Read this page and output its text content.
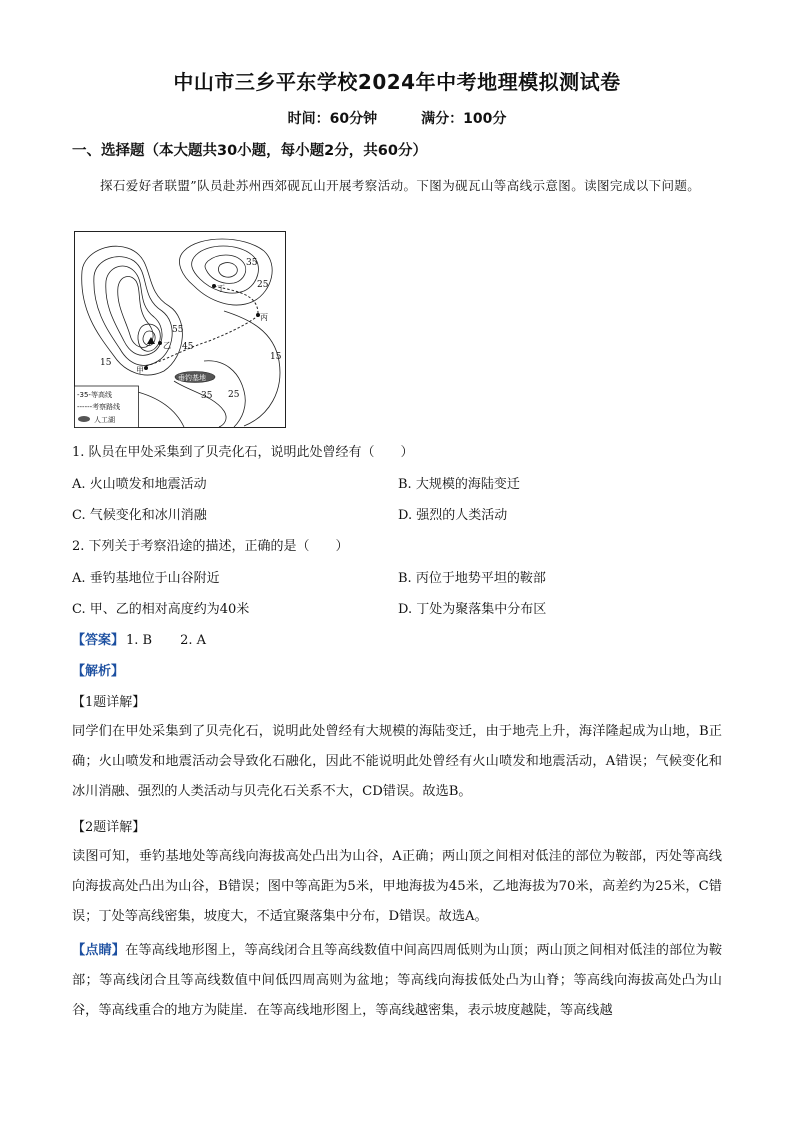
中山市三乡平东学校2024年中考地理模拟测试卷
时间：60分钟	满分：100分
一、选择题（本大题共30小题，每小题2分，共60分）
探石爱好者联盟”队员赴苏州西郊砚瓦山开展考察活动。下图为砚瓦山等高线示意图。读图完成以下问题。
35
25
55
45
15
15
35 25
丁
丙
乙
甲
垂钓基地
-35-等高线
------考察路线
人工湖
1. 队员在甲处采集到了贝壳化石，说明此处曾经有（　　）
A. 火山喷发和地震活动	B. 大规模的海陆变迁
C. 气候变化和冰川消融	D. 强烈的人类活动
2. 下列关于考察沿途的描述，正确的是（　　）
A. 垂钓基地位于山谷附近	B. 丙位于地势平坦的鞍部
C. 甲、乙的相对高度约为40米	D. 丁处为聚落集中分布区
【答案】 1. B 2. A
【解析】
【1题详解】
同学们在甲处采集到了贝壳化石，说明此处曾经有大规模的海陆变迁，由于地壳上升，海洋隆起成为山地，B正确；火山喷发和地震活动会导致化石融化，因此不能说明此处曾经有火山喷发和地震活动，A错误；气候变化和冰川消融、强烈的人类活动与贝壳化石关系不大，CD错误。故选B。
【2题详解】
读图可知，垂钓基地处等高线向海拔高处凸出为山谷，A正确；两山顶之间相对低洼的部位为鞍部，丙处等高线向海拔高处凸出为山谷，B错误；图中等高距为5米，甲地海拔为45米，乙地海拔为70米，高差约为25米，C错误；丁处等高线密集，坡度大，不适宜聚落集中分布，D错误。故选A。
【点睛】在等高线地形图上，等高线闭合且等高线数值中间高四周低则为山顶；两山顶之间相对低洼的部位为鞍部；等高线闭合且等高线数值中间低四周高则为盆地；等高线向海拔低处凸为山脊；等高线向海拔高处凸为山谷，等高线重合的地方为陡崖．在等高线地形图上，等高线越密集，表示坡度越陡，等高线越
